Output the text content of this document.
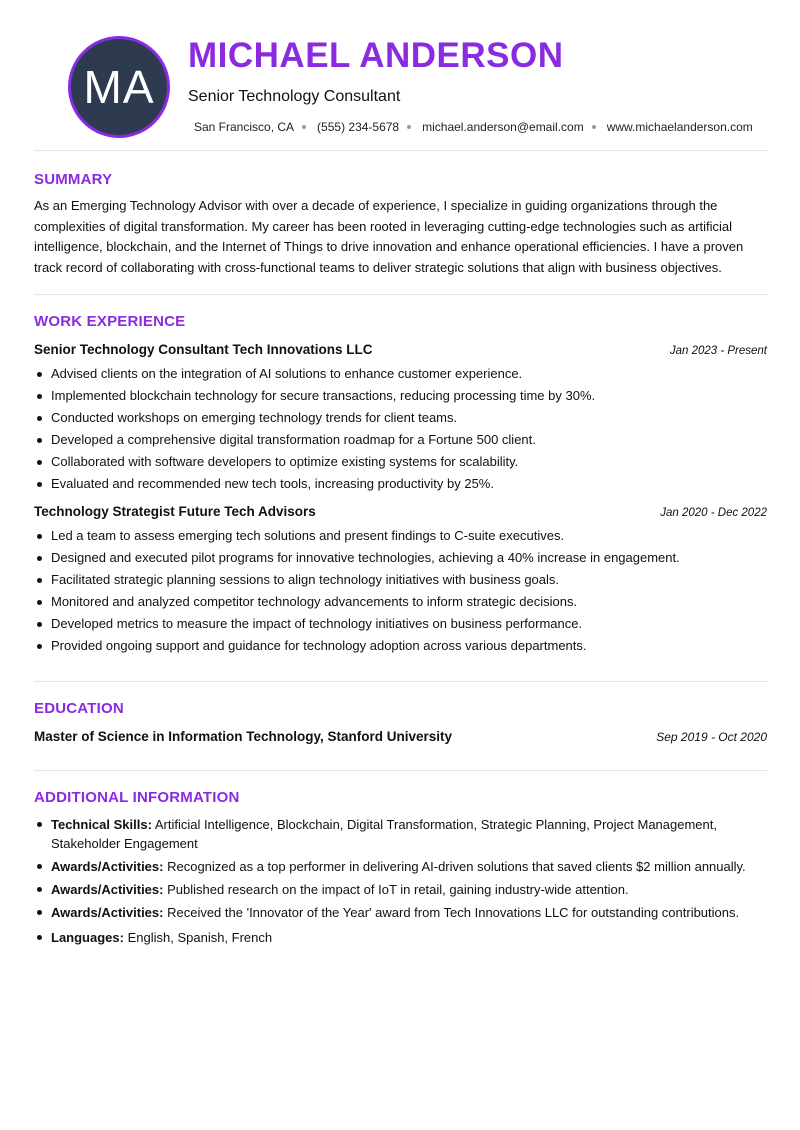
MA
MICHAEL ANDERSON
Senior Technology Consultant
San Francisco, CA (555) 234-5678 michael.anderson@email.com www.michaelanderson.com
SUMMARY

As an Emerging Technology Advisor with over a decade of experience, I specialize in guiding organizations through the complexities of digital transformation. My career has been rooted in leveraging cutting-edge technologies such as artificial intelligence, blockchain, and the Internet of Things to drive innovation and enhance operational efficiencies. I have a proven track record of collaborating with cross-functional teams to deliver strategic solutions that align with business objectives.

WORK EXPERIENCE
Senior Technology Consultant Tech Innovations LLC	Jan 2023 - Present
Advised clients on the integration of AI solutions to enhance customer experience.
Implemented blockchain technology for secure transactions, reducing processing time by 30%.
Conducted workshops on emerging technology trends for client teams.
Developed a comprehensive digital transformation roadmap for a Fortune 500 client.
Collaborated with software developers to optimize existing systems for scalability.
Evaluated and recommended new tech tools, increasing productivity by 25%.
Technology Strategist Future Tech Advisors	Jan 2020 - Dec 2022
Led a team to assess emerging tech solutions and present findings to C-suite executives.
Designed and executed pilot programs for innovative technologies, achieving a 40% increase in engagement.
Facilitated strategic planning sessions to align technology initiatives with business goals.
Monitored and analyzed competitor technology advancements to inform strategic decisions.
Developed metrics to measure the impact of technology initiatives on business performance.
Provided ongoing support and guidance for technology adoption across various departments.
EDUCATION
Master of Science in Information Technology, Stanford University	Sep 2019 - Oct 2020
ADDITIONAL INFORMATION
Technical Skills: Artificial Intelligence, Blockchain, Digital Transformation, Strategic Planning, Project Management, Stakeholder Engagement
Awards/Activities: Recognized as a top performer in delivering AI-driven solutions that saved clients $2 million annually.
Awards/Activities: Published research on the impact of IoT in retail, gaining industry-wide attention.
Awards/Activities: Received the 'Innovator of the Year' award from Tech Innovations LLC for outstanding contributions.
Languages: English, Spanish, French
